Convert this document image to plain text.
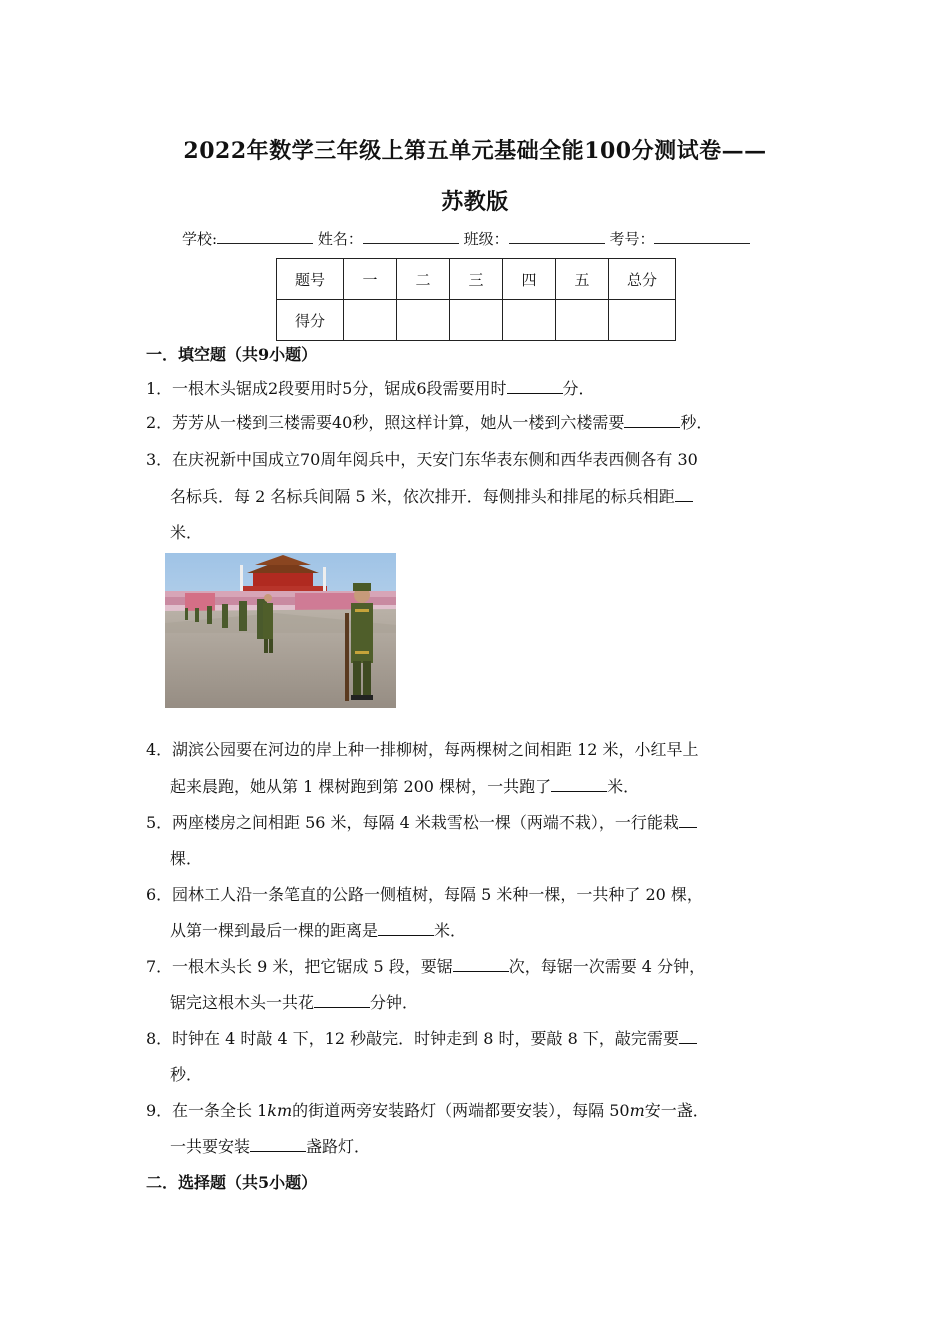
2022年数学三年级上第五单元基础全能100分测试卷——
苏教版
学校:	姓名：	班级：	考号：
题号	一	二	三	四	五	总分
得分						
一．填空题（共9小题）
1．一根木头锯成2段要用时5分，锯成6段需要用时	分．
2．芳芳从一楼到三楼需要40秒，照这样计算，她从一楼到六楼需要	秒．
3．在庆祝新中国成立70周年阅兵中，天安门东华表东侧和西华表西侧各有 30
名标兵．每 2 名标兵间隔 5 米，依次排开．每侧排头和排尾的标兵相距
米．
4．湖滨公园要在河边的岸上种一排柳树，每两棵树之间相距 12 米，小红早上
起来晨跑，她从第 1 棵树跑到第 200 棵树，一共跑了	米．
5．两座楼房之间相距 56 米，每隔 4 米栽雪松一棵（两端不栽），一行能栽
棵．
6．园林工人沿一条笔直的公路一侧植树，每隔 5 米种一棵，一共种了 20 棵，
从第一棵到最后一棵的距离是	米．
7．一根木头长 9 米，把它锯成 5 段，要锯	次，每锯一次需要 4 分钟，
锯完这根木头一共花	分钟．
8．时钟在 4 时敲 4 下，12 秒敲完．时钟走到 8 时，要敲 8 下，敲完需要
秒．
9．在一条全长 1km的街道两旁安装路灯（两端都要安装），每隔 50m安一盏．
一共要安装	盏路灯．
二．选择题（共5小题）
